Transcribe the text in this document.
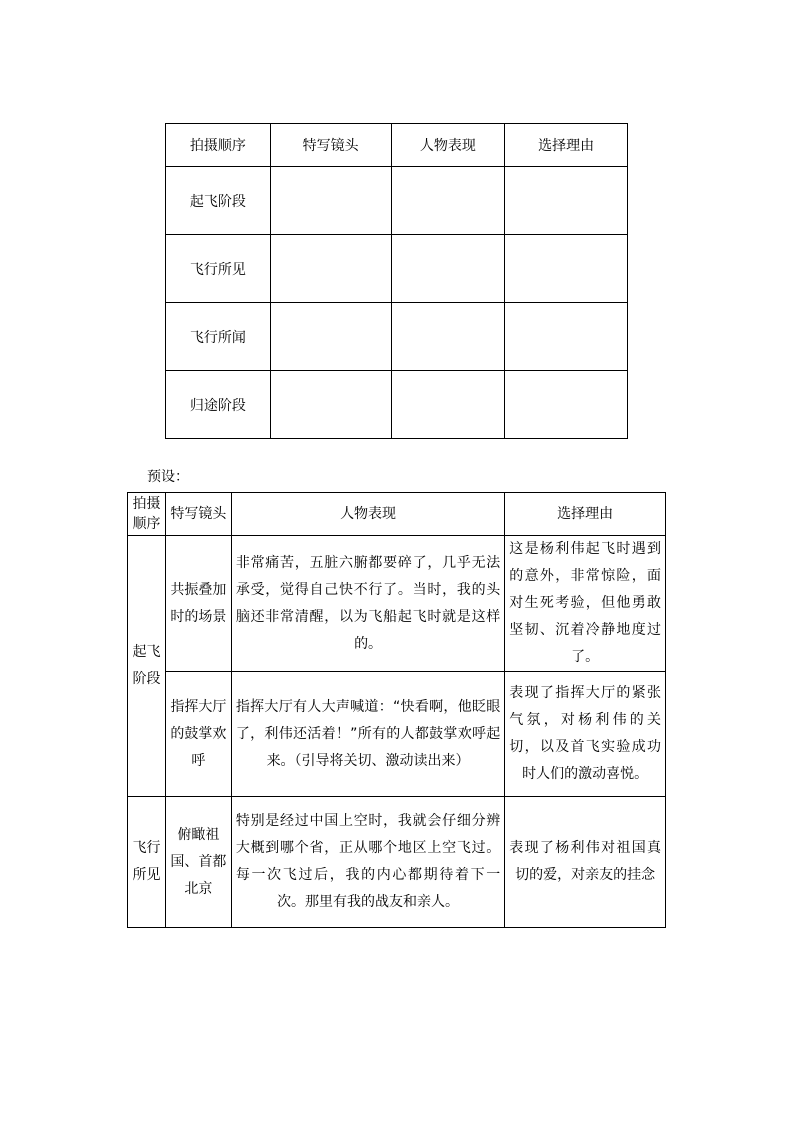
拍摄顺序	特写镜头	人物表现	选择理由
起飞阶段			
飞行所见			
飞行所闻			
归途阶段			
预设：
拍摄顺序	特写镜头	人物表现	选择理由
起飞阶段	共振叠加时的场景	非常痛苦，五脏六腑都要碎了，几乎无法承受，觉得自己快不行了。当时，我的头脑还非常清醒，以为飞船起飞时就是这样的。	这是杨利伟起飞时遇到的意外，非常惊险，面对生死考验，但他勇敢坚韧、沉着冷静地度过了。
	指挥大厅的鼓掌欢呼	指挥大厅有人大声喊道：“快看啊，他眨眼了，利伟还活着！”所有的人都鼓掌欢呼起来。（引导将关切、激动读出来）	表现了指挥大厅的紧张气氛，对杨利伟的关切，以及首飞实验成功时人们的激动喜悦。
飞行所见	俯瞰祖国、首都北京	特别是经过中国上空时，我就会仔细分辨大概到哪个省，正从哪个地区上空飞过。每一次飞过后，我的内心都期待着下一次。那里有我的战友和亲人。	表现了杨利伟对祖国真切的爱，对亲友的挂念
